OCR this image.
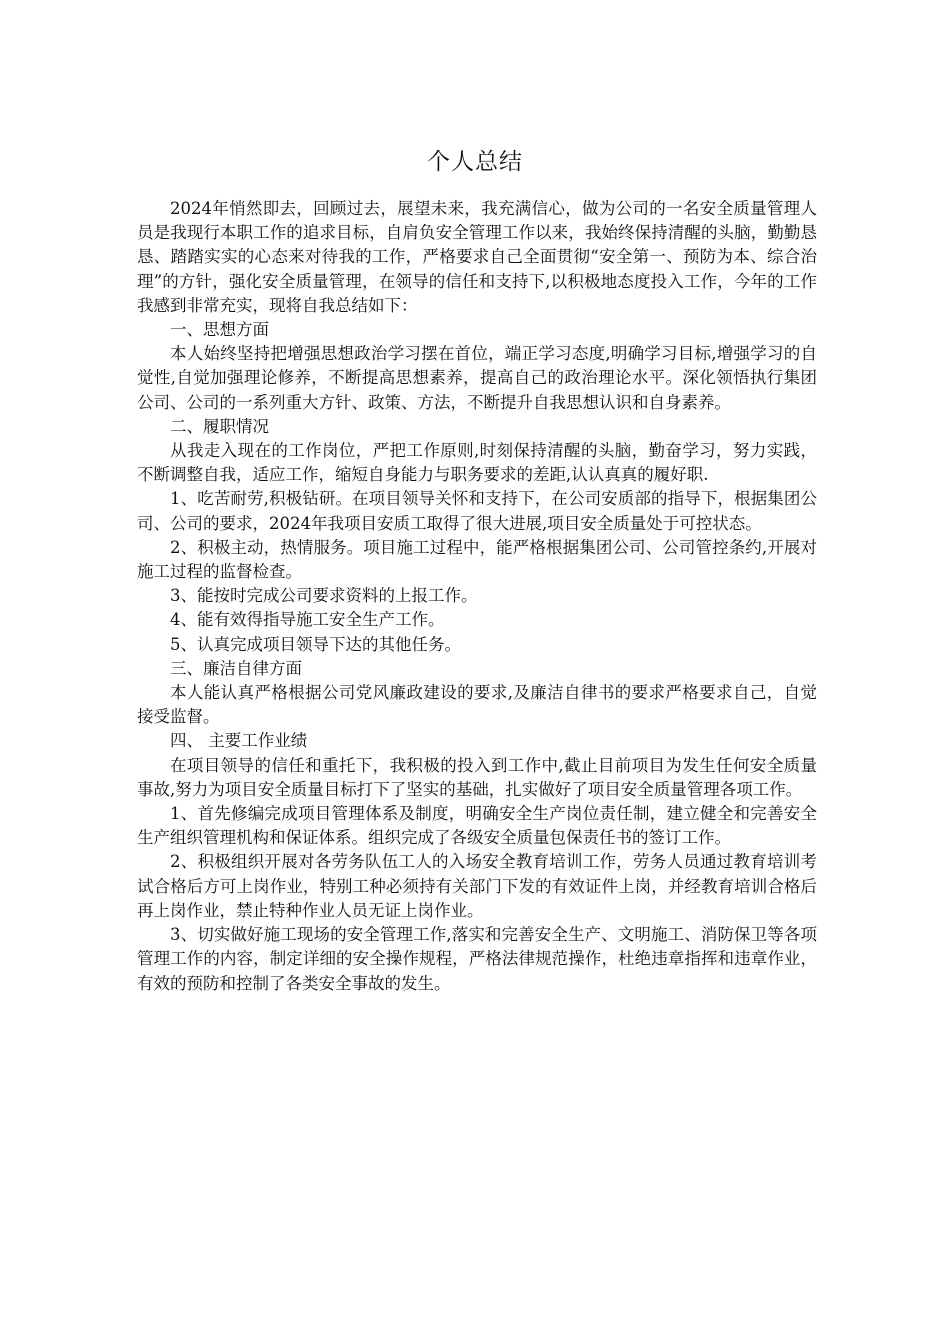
个人总结

2024年悄然即去，回顾过去，展望未来，我充满信心，做为公司的一名安全质量管理人员是我现行本职工作的追求目标，自肩负安全管理工作以来，我始终保持清醒的头脑，勤勤恳恳、踏踏实实的心态来对待我的工作，严格要求自己全面贯彻“安全第一、预防为本、综合治理”的方针，强化安全质量管理，在领导的信任和支持下,以积极地态度投入工作，今年的工作我感到非常充实，现将自我总结如下：

一、思想方面

本人始终坚持把增强思想政治学习摆在首位，端正学习态度,明确学习目标,增强学习的自觉性,自觉加强理论修养，不断提高思想素养，提高自己的政治理论水平。深化领悟执行集团公司、公司的一系列重大方针、政策、方法，不断提升自我思想认识和自身素养。

二、履职情况

从我走入现在的工作岗位，严把工作原则,时刻保持清醒的头脑，勤奋学习，努力实践，不断调整自我，适应工作，缩短自身能力与职务要求的差距,认认真真的履好职.

1、吃苦耐劳,积极钻研。在项目领导关怀和支持下，在公司安质部的指导下，根据集团公司、公司的要求，2024年我项目安质工取得了很大进展,项目安全质量处于可控状态。

2、积极主动，热情服务。项目施工过程中，能严格根据集团公司、公司管控条约,开展对施工过程的监督检查。

3、能按时完成公司要求资料的上报工作。

4、能有效得指导施工安全生产工作。

5、认真完成项目领导下达的其他任务。

三、廉洁自律方面

本人能认真严格根据公司党风廉政建设的要求,及廉洁自律书的要求严格要求自己，自觉接受监督。

四、 主要工作业绩

在项目领导的信任和重托下，我积极的投入到工作中,截止目前项目为发生任何安全质量事故,努力为项目安全质量目标打下了坚实的基础，扎实做好了项目安全质量管理各项工作。

1、首先修编完成项目管理体系及制度，明确安全生产岗位责任制，建立健全和完善安全生产组织管理机构和保证体系。组织完成了各级安全质量包保责任书的签订工作。

2、积极组织开展对各劳务队伍工人的入场安全教育培训工作，劳务人员通过教育培训考试合格后方可上岗作业，特别工种必须持有关部门下发的有效证件上岗，并经教育培训合格后再上岗作业，禁止特种作业人员无证上岗作业。

3、切实做好施工现场的安全管理工作,落实和完善安全生产、文明施工、消防保卫等各项管理工作的内容，制定详细的安全操作规程，严格法律规范操作，杜绝违章指挥和违章作业，有效的预防和控制了各类安全事故的发生。
